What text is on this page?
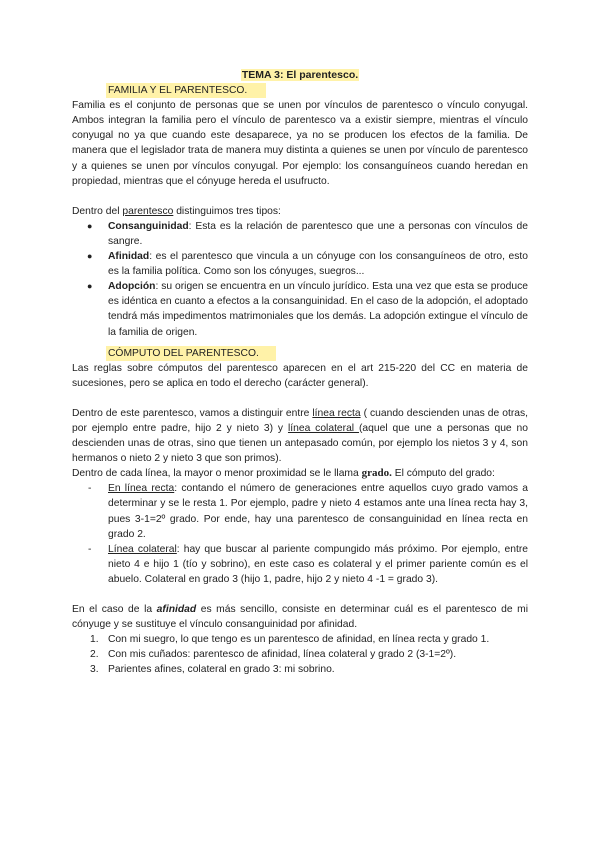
TEMA 3: El parentesco.
FAMILIA Y EL PARENTESCO.

Familia es el conjunto de personas que se unen por vínculos de parentesco o vínculo conyugal. Ambos integran la familia pero el vínculo de parentesco va a existir siempre, mientras el vínculo conyugal no ya que cuando este desaparece, ya no se producen los efectos de la familia. De manera que el legislador trata de manera muy distinta a quienes se unen por vínculo de parentesco y a quienes se unen por vínculos conyugal. Por ejemplo: los consanguíneos cuando heredan en propiedad, mientras que el cónyuge hereda el usufructo.

Dentro del parentesco distinguimos tres tipos:

● Consanguinidad: Esta es la relación de parentesco que une a personas con vínculos de sangre.
● Afinidad: es el parentesco que vincula a un cónyuge con los consanguíneos de otro, esto es la familia política. Como son los cónyuges, suegros...
● Adopción: su origen se encuentra en un vínculo jurídico. Esta una vez que esta se produce es idéntica en cuanto a efectos a la consanguinidad. En el caso de la adopción, el adoptado tendrá más impedimentos matrimoniales que los demás. La adopción extingue el vínculo de la familia de origen.
CÓMPUTO DEL PARENTESCO.

Las reglas sobre cómputos del parentesco aparecen en el art 215-220 del CC en materia de sucesiones, pero se aplica en todo el derecho (carácter general).

Dentro de este parentesco, vamos a distinguir entre línea recta ( cuando descienden unas de otras, por ejemplo entre padre, hijo 2 y nieto 3) y línea colateral (aquel que une a personas que no descienden unas de otras, sino que tienen un antepasado común, por ejemplo los nietos 3 y 4, son hermanos o nieto 2 y nieto 3 que son primos).

Dentro de cada línea, la mayor o menor proximidad se le llama grado. El cómputo del grado:

- En línea recta: contando el número de generaciones entre aquellos cuyo grado vamos a determinar y se le resta 1. Por ejemplo, padre y nieto 4 estamos ante una línea recta hay 3, pues 3-1=2º grado. Por ende, hay una parentesco de consanguinidad en línea recta en grado 2.
- Línea colateral: hay que buscar al pariente compungido más próximo. Por ejemplo, entre nieto 4 e hijo 1 (tío y sobrino), en este caso es colateral y el primer pariente común es el abuelo. Colateral en grado 3 (hijo 1, padre, hijo 2 y nieto 4 -1 = grado 3).

En el caso de la afinidad es más sencillo, consiste en determinar cuál es el parentesco de mi cónyuge y se sustituye el vínculo consanguinidad por afinidad.

1. Con mi suegro, lo que tengo es un parentesco de afinidad, en línea recta y grado 1.
2. Con mis cuñados: parentesco de afinidad, línea colateral y grado 2 (3-1=2º).
3. Parientes afines, colateral en grado 3: mi sobrino.
